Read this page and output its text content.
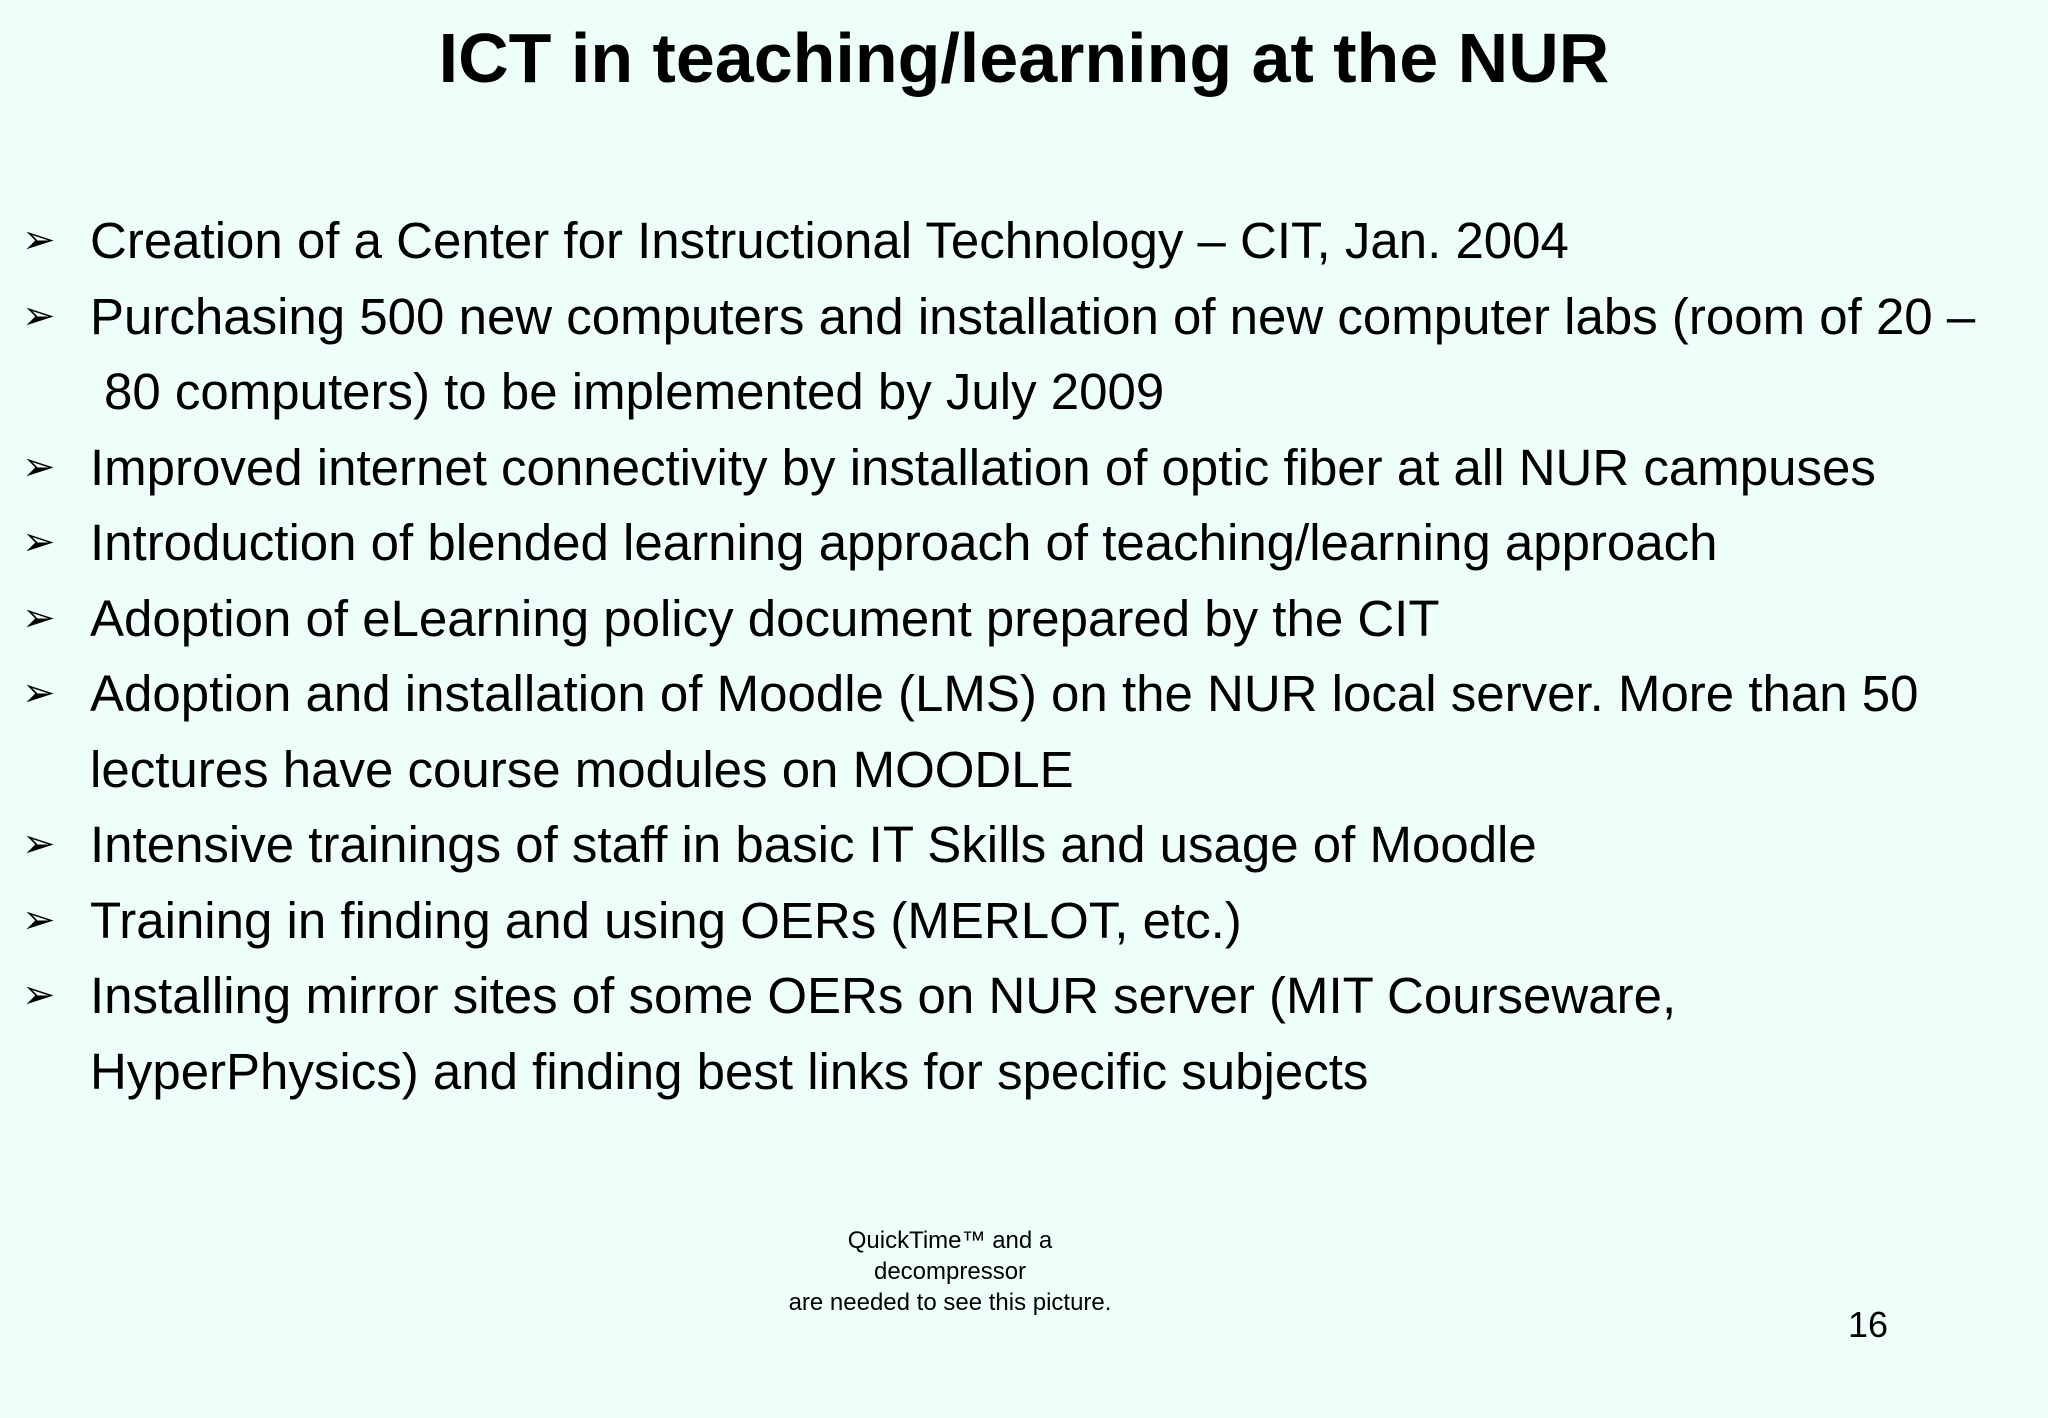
ICT in teaching/learning at the NUR
➢ Creation of a Center for Instructional Technology – CIT, Jan. 2004
➢ Purchasing 500 new computers and installation of new computer labs (room of 20 –
80 computers) to be implemented by July 2009
➢ Improved internet connectivity by installation of optic fiber at all NUR campuses
➢ Introduction of blended learning approach of teaching/learning approach
➢ Adoption of eLearning policy document prepared by the CIT
➢ Adoption and installation of Moodle (LMS) on the NUR local server. More than 50
lectures have course modules on MOODLE
➢ Intensive trainings of staff in basic IT Skills and usage of Moodle
➢ Training in finding and using OERs (MERLOT, etc.)
➢ Installing mirror sites of some OERs on NUR server (MIT Courseware,
HyperPhysics) and finding best links for specific subjects
QuickTime™ and a
decompressor
are needed to see this picture.
16
